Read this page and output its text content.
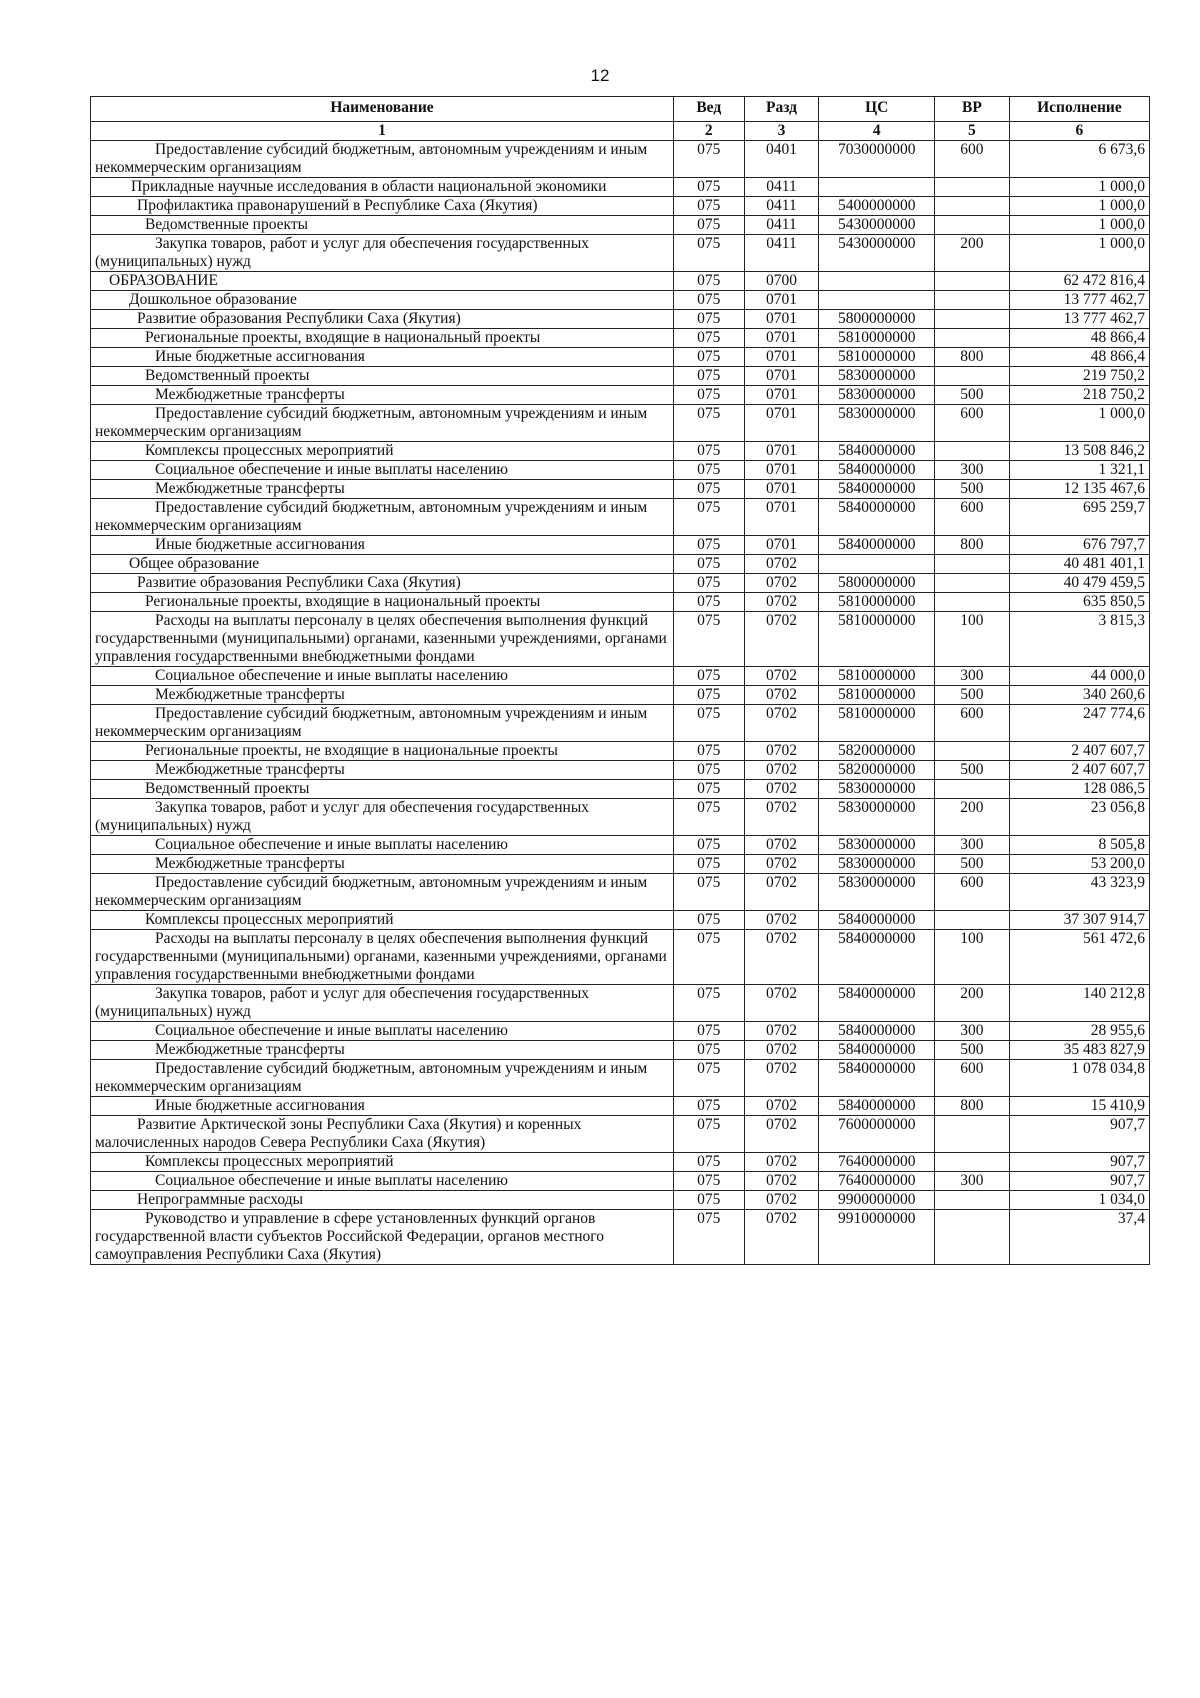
12
Наименование	Вед	Разд	ЦС	ВР	Исполнение
1	2	3	4	5	6
Предоставление субсидий бюджетным, автономным учреждениям и иным некоммерческим организациям	075	0401	7030000000	600	6 673,6
Прикладные научные исследования в области национальной экономики	075	0411			1 000,0
Профилактика правонарушений в Республике Саха (Якутия)	075	0411	5400000000		1 000,0
Ведомственные проекты	075	0411	5430000000		1 000,0
Закупка товаров, работ и услуг для обеспечения государственных (муниципальных) нужд	075	0411	5430000000	200	1 000,0
ОБРАЗОВАНИЕ	075	0700			62 472 816,4
Дошкольное образование	075	0701			13 777 462,7
Развитие образования Республики Саха (Якутия)	075	0701	5800000000		13 777 462,7
Региональные проекты, входящие в национальный проекты	075	0701	5810000000		48 866,4
Иные бюджетные ассигнования	075	0701	5810000000	800	48 866,4
Ведомственный проекты	075	0701	5830000000		219 750,2
Межбюджетные трансферты	075	0701	5830000000	500	218 750,2
Предоставление субсидий бюджетным, автономным учреждениям и иным некоммерческим организациям	075	0701	5830000000	600	1 000,0
Комплексы процессных мероприятий	075	0701	5840000000		13 508 846,2
Социальное обеспечение и иные выплаты населению	075	0701	5840000000	300	1 321,1
Межбюджетные трансферты	075	0701	5840000000	500	12 135 467,6
Предоставление субсидий бюджетным, автономным учреждениям и иным некоммерческим организациям	075	0701	5840000000	600	695 259,7
Иные бюджетные ассигнования	075	0701	5840000000	800	676 797,7
Общее образование	075	0702			40 481 401,1
Развитие образования Республики Саха (Якутия)	075	0702	5800000000		40 479 459,5
Региональные проекты, входящие в национальный проекты	075	0702	5810000000		635 850,5
Расходы на выплаты персоналу в целях обеспечения выполнения функций государственными (муниципальными) органами, казенными учреждениями, органами управления государственными внебюджетными фондами	075	0702	5810000000	100	3 815,3
Социальное обеспечение и иные выплаты населению	075	0702	5810000000	300	44 000,0
Межбюджетные трансферты	075	0702	5810000000	500	340 260,6
Предоставление субсидий бюджетным, автономным учреждениям и иным некоммерческим организациям	075	0702	5810000000	600	247 774,6
Региональные проекты, не входящие в национальные проекты	075	0702	5820000000		2 407 607,7
Межбюджетные трансферты	075	0702	5820000000	500	2 407 607,7
Ведомственный проекты	075	0702	5830000000		128 086,5
Закупка товаров, работ и услуг для обеспечения государственных (муниципальных) нужд	075	0702	5830000000	200	23 056,8
Социальное обеспечение и иные выплаты населению	075	0702	5830000000	300	8 505,8
Межбюджетные трансферты	075	0702	5830000000	500	53 200,0
Предоставление субсидий бюджетным, автономным учреждениям и иным некоммерческим организациям	075	0702	5830000000	600	43 323,9
Комплексы процессных мероприятий	075	0702	5840000000		37 307 914,7
Расходы на выплаты персоналу в целях обеспечения выполнения функций государственными (муниципальными) органами, казенными учреждениями, органами управления государственными внебюджетными фондами	075	0702	5840000000	100	561 472,6
Закупка товаров, работ и услуг для обеспечения государственных (муниципальных) нужд	075	0702	5840000000	200	140 212,8
Социальное обеспечение и иные выплаты населению	075	0702	5840000000	300	28 955,6
Межбюджетные трансферты	075	0702	5840000000	500	35 483 827,9
Предоставление субсидий бюджетным, автономным учреждениям и иным некоммерческим организациям	075	0702	5840000000	600	1 078 034,8
Иные бюджетные ассигнования	075	0702	5840000000	800	15 410,9
Развитие Арктической зоны Республики Саха (Якутия) и коренных малочисленных народов Севера Республики Саха (Якутия)	075	0702	7600000000		907,7
Комплексы процессных мероприятий	075	0702	7640000000		907,7
Социальное обеспечение и иные выплаты населению	075	0702	7640000000	300	907,7
Непрограммные расходы	075	0702	9900000000		1 034,0
Руководство и управление в сфере установленных функций органов государственной власти субъектов Российской Федерации, органов местного самоуправления Республики Саха (Якутия)	075	0702	9910000000		37,4
